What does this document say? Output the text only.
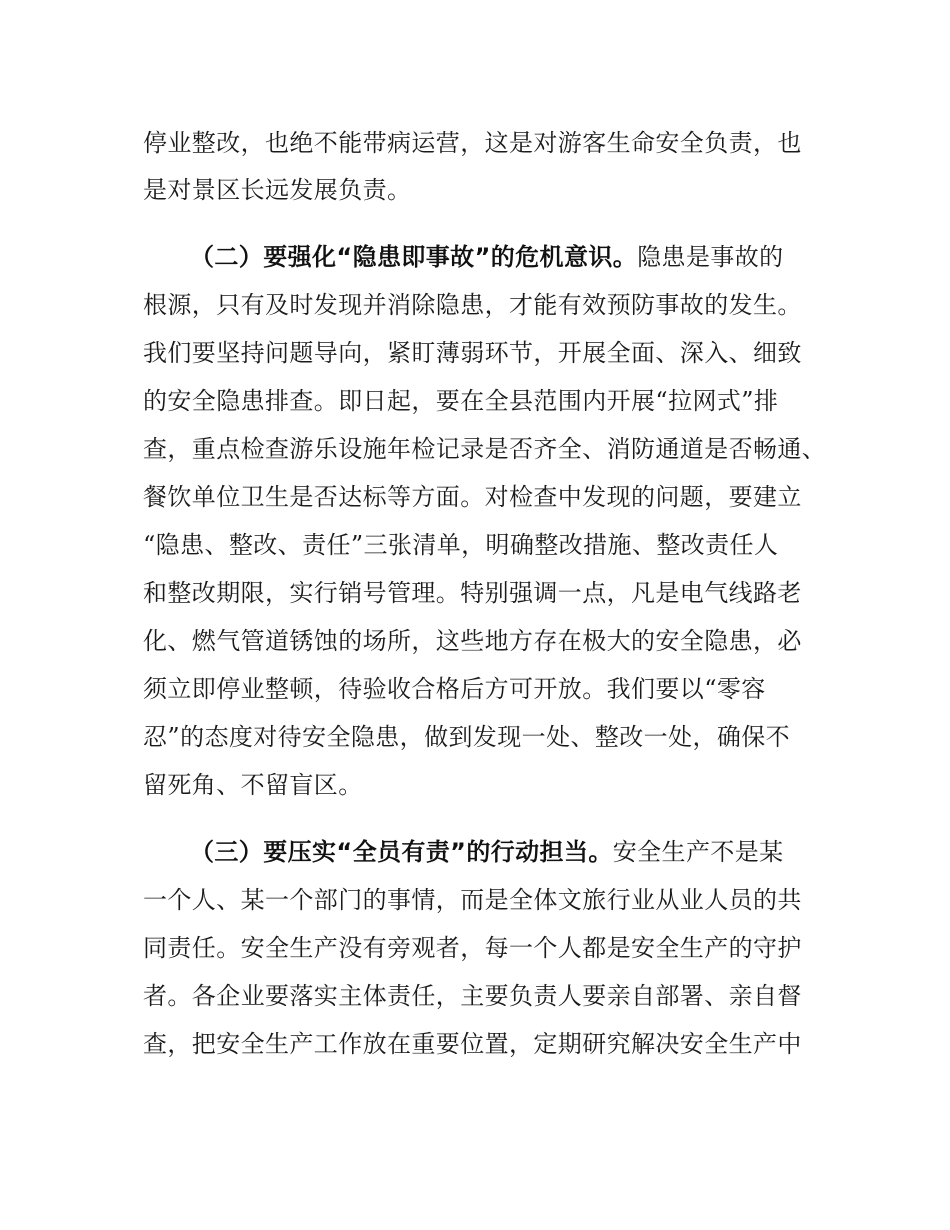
停业整改，也绝不能带病运营，这是对游客生命安全负责，也
是对景区长远发展负责。
（二）要强化“隐患即事故”的危机意识。隐患是事故的
根源，只有及时发现并消除隐患，才能有效预防事故的发生。
我们要坚持问题导向，紧盯薄弱环节，开展全面、深入、细致
的安全隐患排查。即日起，要在全县范围内开展“拉网式”排
查，重点检查游乐设施年检记录是否齐全、消防通道是否畅通、
餐饮单位卫生是否达标等方面。对检查中发现的问题，要建立
“隐患、整改、责任”三张清单，明确整改措施、整改责任人
和整改期限，实行销号管理。特别强调一点，凡是电气线路老
化、燃气管道锈蚀的场所，这些地方存在极大的安全隐患，必
须立即停业整顿，待验收合格后方可开放。我们要以“零容
忍”的态度对待安全隐患，做到发现一处、整改一处，确保不
留死角、不留盲区。
（三）要压实“全员有责”的行动担当。安全生产不是某
一个人、某一个部门的事情，而是全体文旅行业从业人员的共
同责任。安全生产没有旁观者，每一个人都是安全生产的守护
者。各企业要落实主体责任，主要负责人要亲自部署、亲自督
查，把安全生产工作放在重要位置，定期研究解决安全生产中
